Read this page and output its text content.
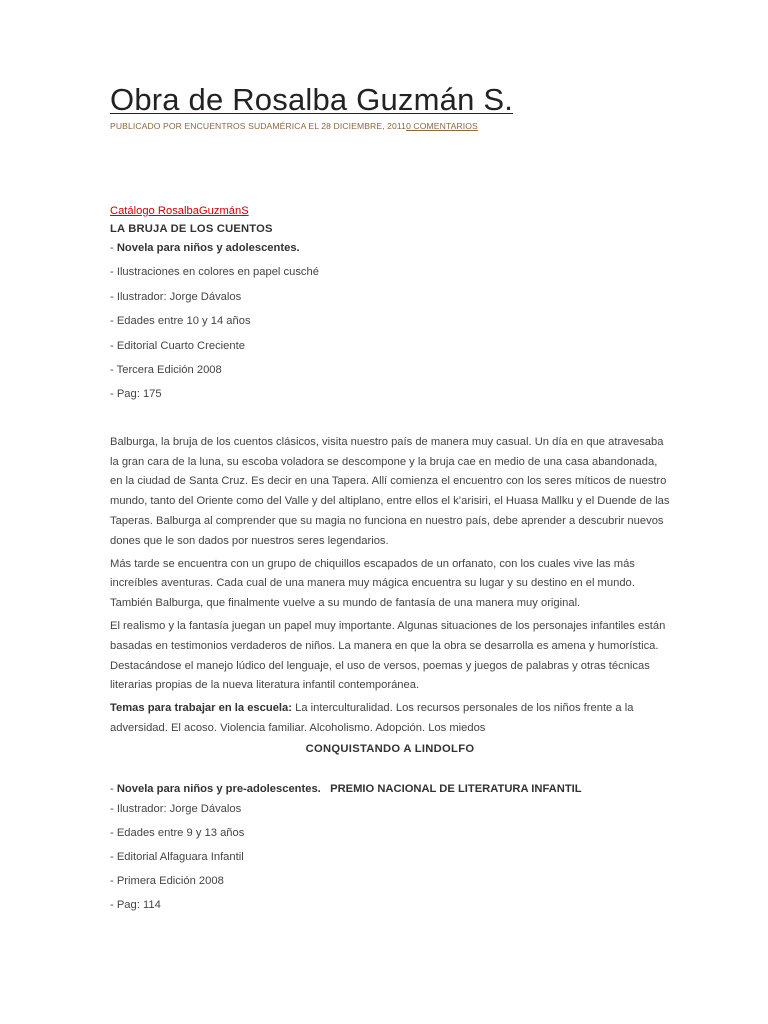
Obra de Rosalba Guzmán S.
PUBLICADO POR ENCUENTROS SUDAMÉRICA EL 28 DICIEMBRE, 20110 COMENTARIOS
Catálogo RosalbaGuzmánS
LA BRUJA DE LOS CUENTOS
- Novela para niños y adolescentes.
- Ilustraciones en colores en papel cusché
- Ilustrador: Jorge Dávalos
- Edades entre 10 y 14 años
- Editorial Cuarto Creciente
- Tercera Edición 2008
- Pag: 175

Balburga, la bruja de los cuentos clásicos, visita nuestro país de manera muy casual. Un día en que atravesaba la gran cara de la luna, su escoba voladora se descompone y la bruja cae en medio de una casa abandonada, en la ciudad de Santa Cruz. Es decir en una Tapera. Allí comienza el encuentro con los seres míticos de nuestro mundo, tanto del Oriente como del Valle y del altiplano, entre ellos el k’arisiri, el Huasa Mallku y el Duende de las Taperas. Balburga al comprender que su magia no funciona en nuestro país, debe aprender a descubrir nuevos dones que le son dados por nuestros seres legendarios.

Más tarde se encuentra con un grupo de chiquillos escapados de un orfanato, con los cuales vive las más increíbles aventuras. Cada cual de una manera muy mágica encuentra su lugar y su destino en el mundo. También Balburga, que finalmente vuelve a su mundo de fantasía de una manera muy original.

El realismo y la fantasía juegan un papel muy importante. Algunas situaciones de los personajes infantiles están basadas en testimonios verdaderos de niños. La manera en que la obra se desarrolla es amena y humorística. Destacándose el manejo lúdico del lenguaje, el uso de versos, poemas y juegos de palabras y otras técnicas literarias propias de la nueva literatura infantil contemporánea.

Temas para trabajar en la escuela: La interculturalidad. Los recursos personales de los niños frente a la adversidad. El acoso. Violencia familiar. Alcoholismo. Adopción. Los miedos

CONQUISTANDO A LINDOLFO
- Novela para niños y pre-adolescentes.   PREMIO NACIONAL DE LITERATURA INFANTIL
- Ilustrador: Jorge Dávalos
- Edades entre 9 y 13 años
- Editorial Alfaguara Infantil
- Primera Edición 2008
- Pag: 114
